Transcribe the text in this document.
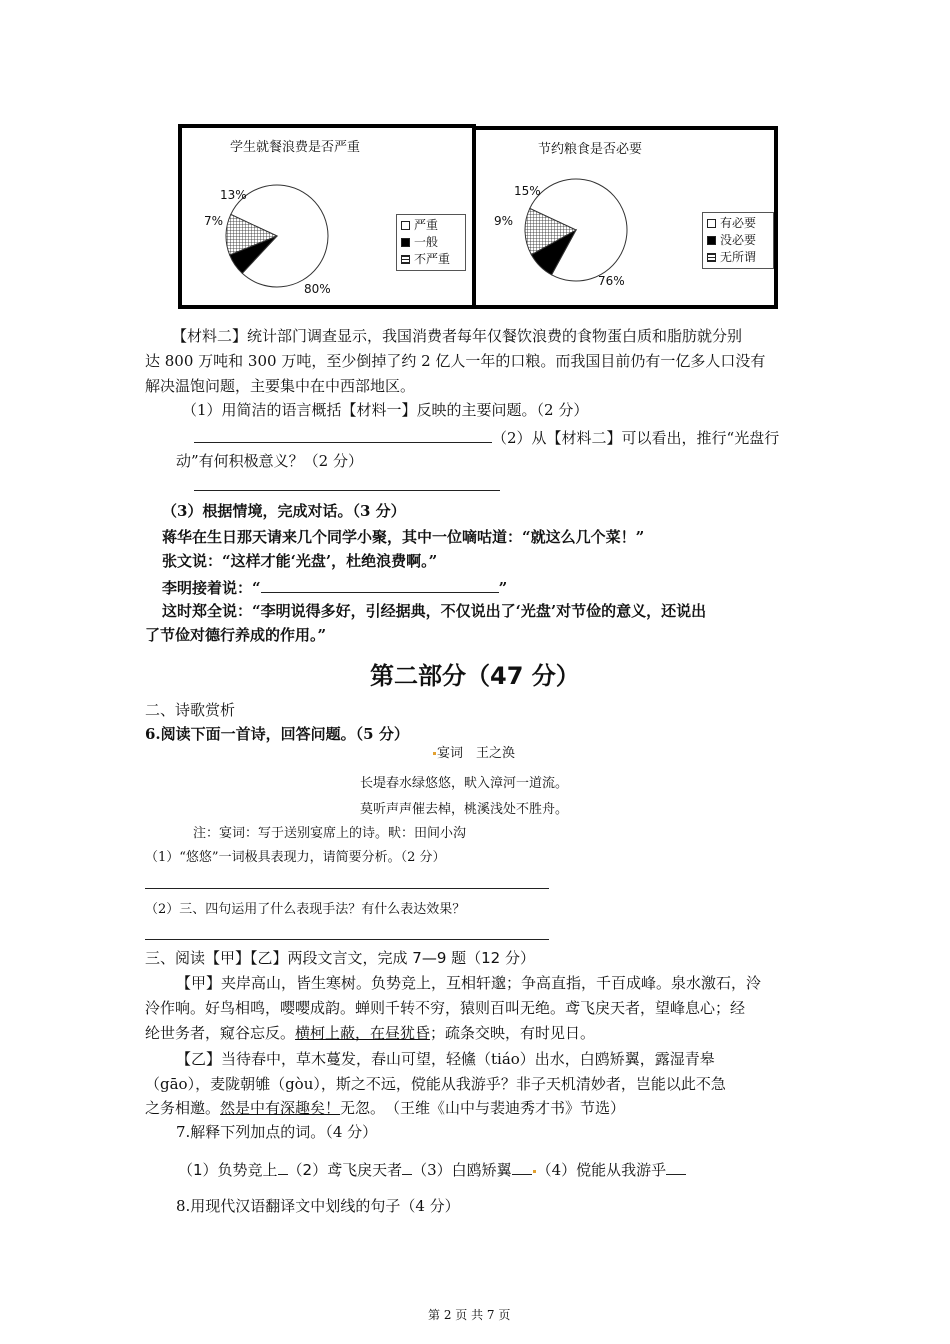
学生就餐浪费是否严重
13%
7%
80%
严重
一般
不严重
节约粮食是否必要
15%
9%
76%
有必要
没必要
无所谓
【材料二】统计部门调查显示，我国消费者每年仅餐饮浪费的食物蛋白质和脂肪就分别
达 800 万吨和 300 万吨，至少倒掉了约 2 亿人一年的口粮。而我国目前仍有一亿多人口没有
解决温饱问题，主要集中在中西部地区。
（1）用简洁的语言概括【材料一】反映的主要问题。（2 分）
（2）从【材料二】可以看出，推行“光盘行
动”有何积极意义？（2 分）
（3）根据情境，完成对话。（3 分）
蒋华在生日那天请来几个同学小聚，其中一位嘀咕道：“就这么几个菜！”
张文说：“这样才能‘光盘’，杜绝浪费啊。”
李明接着说：“	”
这时郑全说：“李明说得多好，引经据典，不仅说出了‘光盘’对节俭的意义，还说出
了节俭对德行养成的作用。”
第二部分（47 分）
二、诗歌赏析
6.阅读下面一首诗，回答问题。（5 分）
宴词　王之涣
长堤春水绿悠悠，畎入漳河一道流。
莫听声声催去棹，桃溪浅处不胜舟。
注：宴词：写于送别宴席上的诗。畎：田间小沟
（1）“悠悠”一词极具表现力，请简要分析。（2 分）
（2）三、四句运用了什么表现手法？有什么表达效果？
三、阅读【甲】【乙】两段文言文，完成 7—9 题（12 分）
【甲】夹岸高山，皆生寒树。负势竞上，互相轩邈；争高直指，千百成峰。泉水激石，泠
泠作响。好鸟相鸣，嘤嘤成韵。蝉则千转不穷，猿则百叫无绝。鸢飞戾天者，望峰息心；经
纶世务者，窥谷忘反。横柯上蔽，在昼犹昏；疏条交映，有时见日。
【乙】当待春中，草木蔓发，春山可望，轻鯈（tiáo）出水，白鸥矫翼，露湿青皋
（gāo），麦陇朝雊（gòu），斯之不远，傥能从我游乎？非子天机清妙者，岂能以此不急
之务相邀。然是中有深趣矣！无忽。　（王维《山中与裴迪秀才书》节选）
7.解释下列加点的词。（4 分）
（1）负势竞上 （2）鸢飞戾天者 （3）白鸥矫翼 （4）傥能从我游乎
8.用现代汉语翻译文中划线的句子（4 分）
第 2 页 共 7 页
